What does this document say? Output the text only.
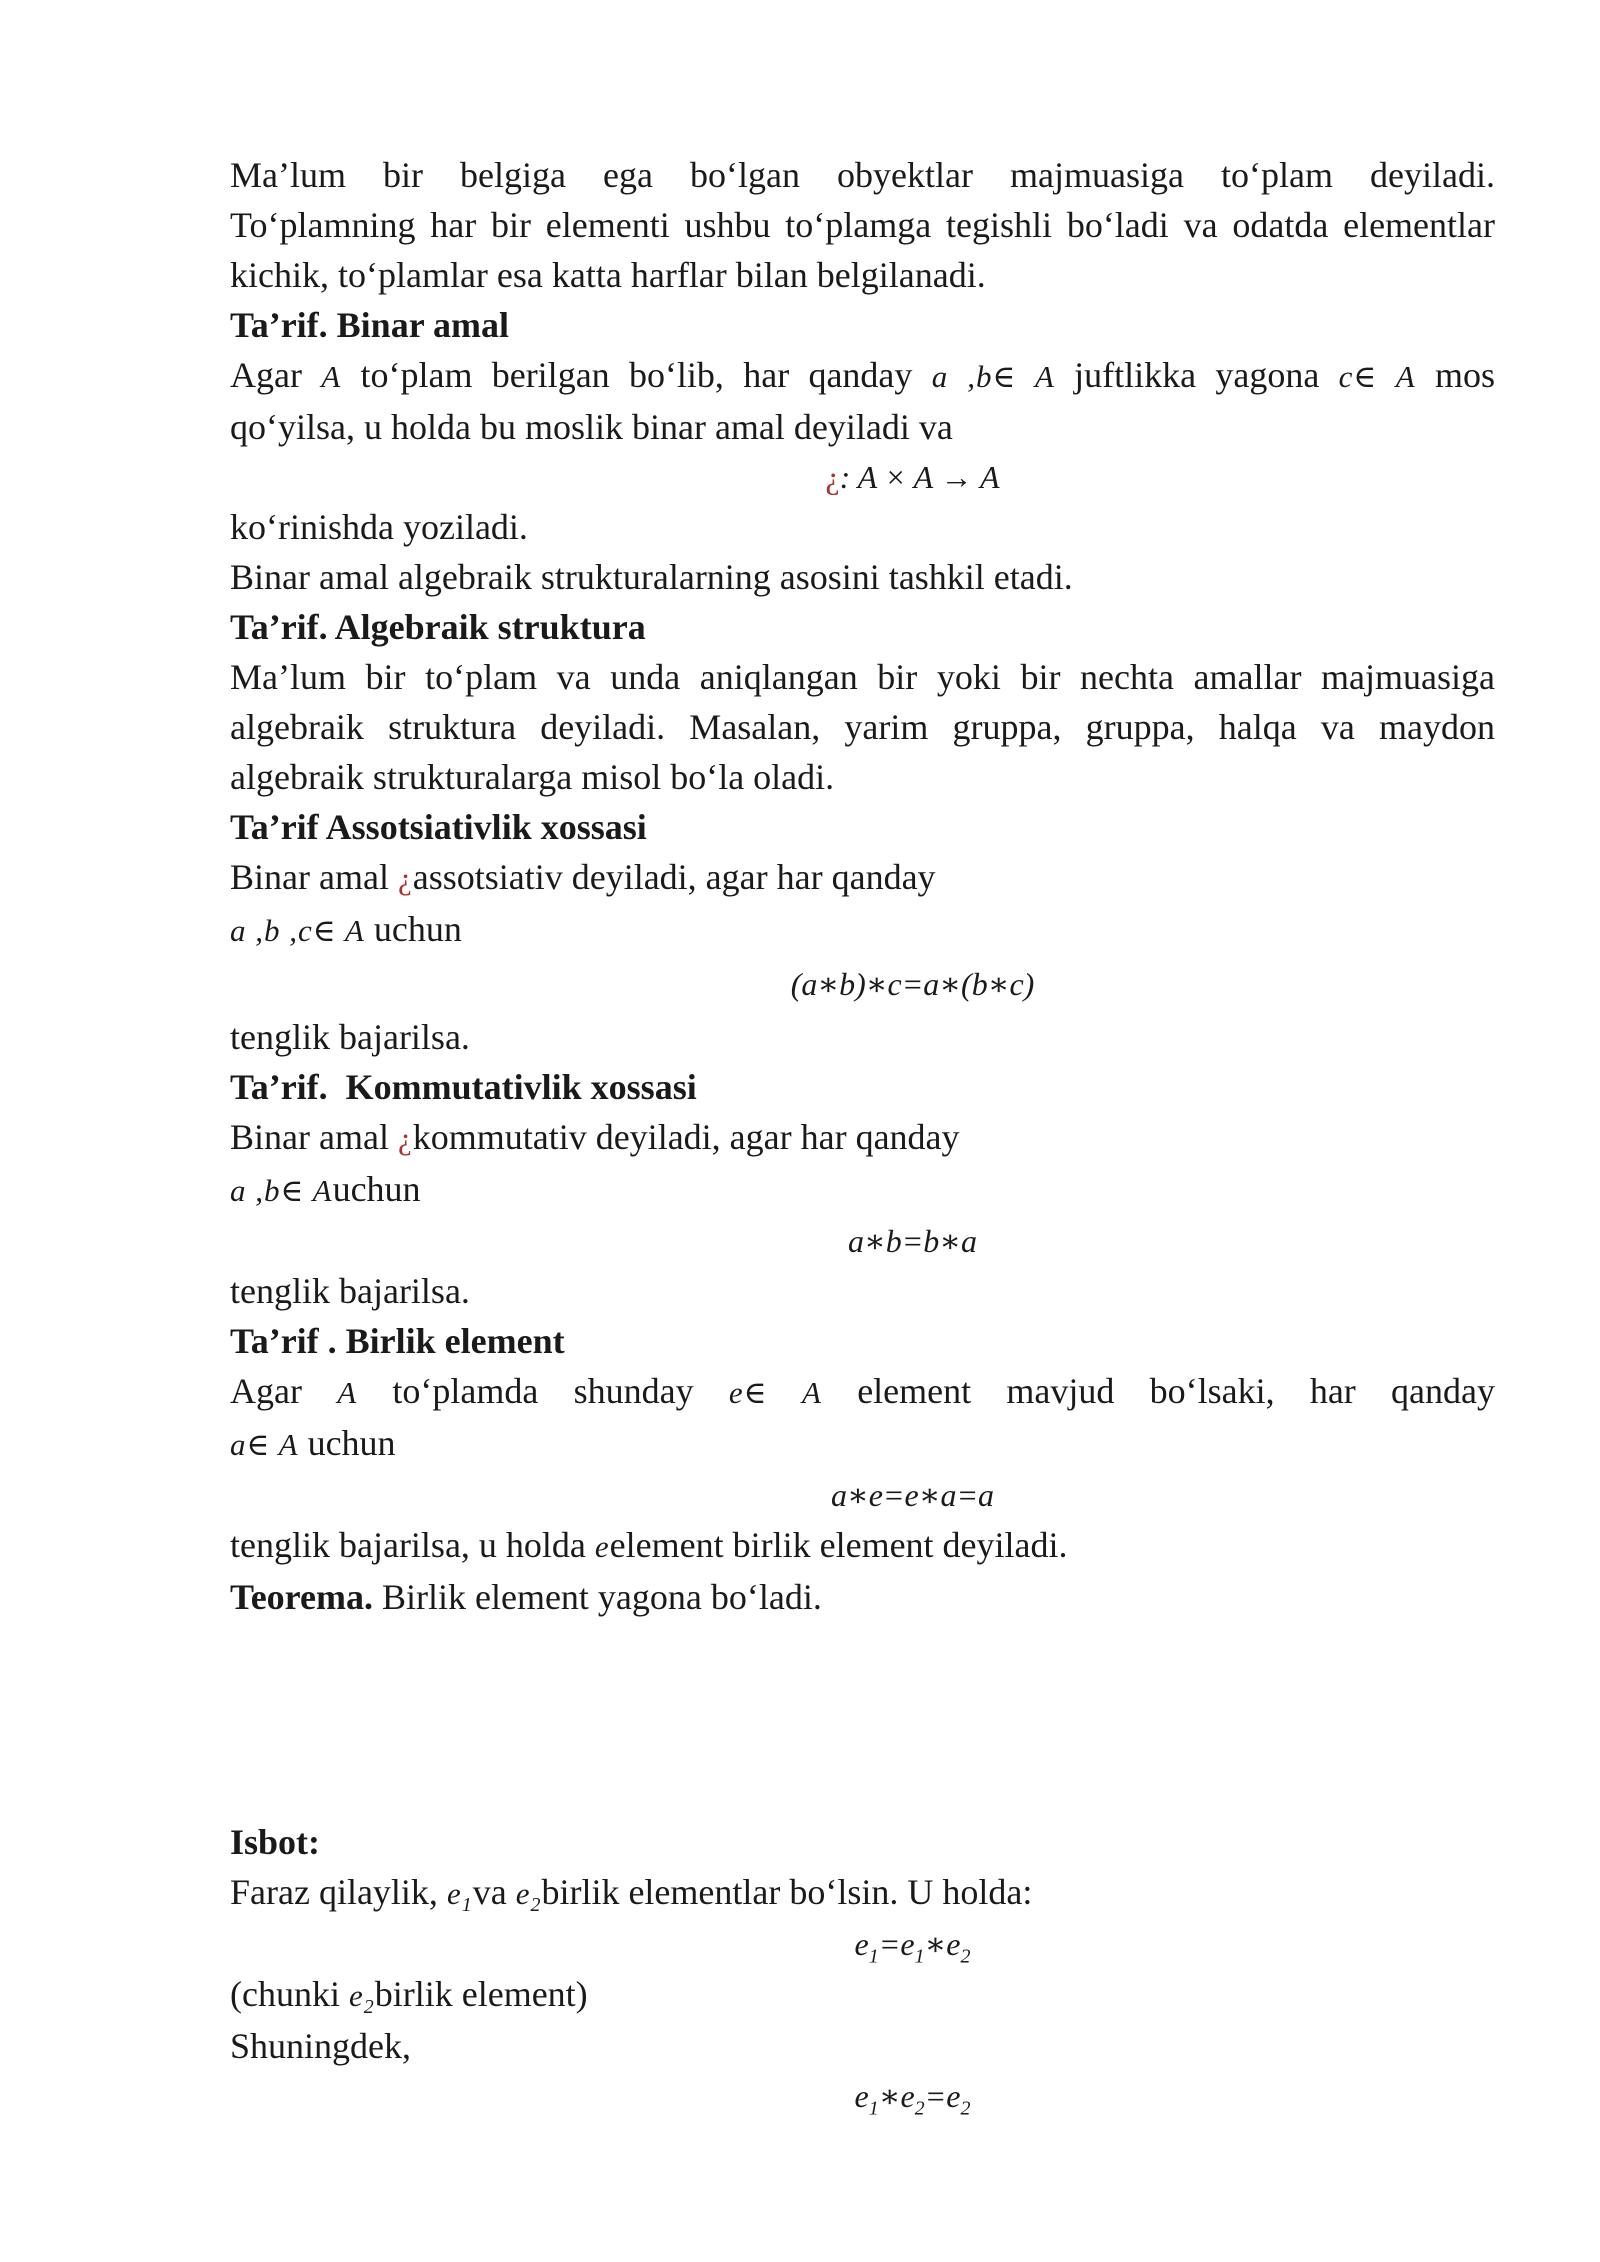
Ma’lum bir belgiga ega bo‘lgan obyektlar majmuasiga to‘plam deyiladi.

To‘plamning har bir elementi ushbu to‘plamga tegishli bo‘ladi va odatda elementlar kichik, to‘plamlar esa katta harflar bilan belgilanadi.

Ta’rif. Binar amal

Agar A to‘plam berilgan bo‘lib, har qanday a ,b∈ A juftlikka yagona c∈ A mos

qo‘yilsa, u holda bu moslik binar amal deyiladi va

¿: A × A → A

ko‘rinishda yoziladi.

Binar amal algebraik strukturalarning asosini tashkil etadi.

Ta’rif. Algebraik struktura

Ma’lum bir to‘plam va unda aniqlangan bir yoki bir nechta amallar majmuasiga algebraik struktura deyiladi. Masalan, yarim gruppa, gruppa, halqa va maydon algebraik strukturalarga misol bo‘la oladi.

Ta’rif Assotsiativlik xossasi

Binar amal ¿assotsiativ deyiladi, agar har qanday

a ,b ,c∈ A uchun

(a∗b)∗c=a∗(b∗c)

tenglik bajarilsa.

Ta’rif.  Kommutativlik xossasi

Binar amal ¿kommutativ deyiladi, agar har qanday

a ,b∈ Auchun

a∗b=b∗a

tenglik bajarilsa.

Ta’rif . Birlik element

Agar A to‘plamda shunday e∈ A element mavjud bo‘lsaki, har qanday

a∈ A uchun

a∗e=e∗a=a

tenglik bajarilsa, u holda eelement birlik element deyiladi.

Teorema. Birlik element yagona bo‘ladi.

Isbot:

Faraz qilaylik, $e_1va$ $e_2birlik$ elementlar bo‘lsin. U holda:

$e_1=e_1∗e_2$

(chunki $e_2birlik$ element)

Shuningdek,

$e_1∗e_2=e_2$
